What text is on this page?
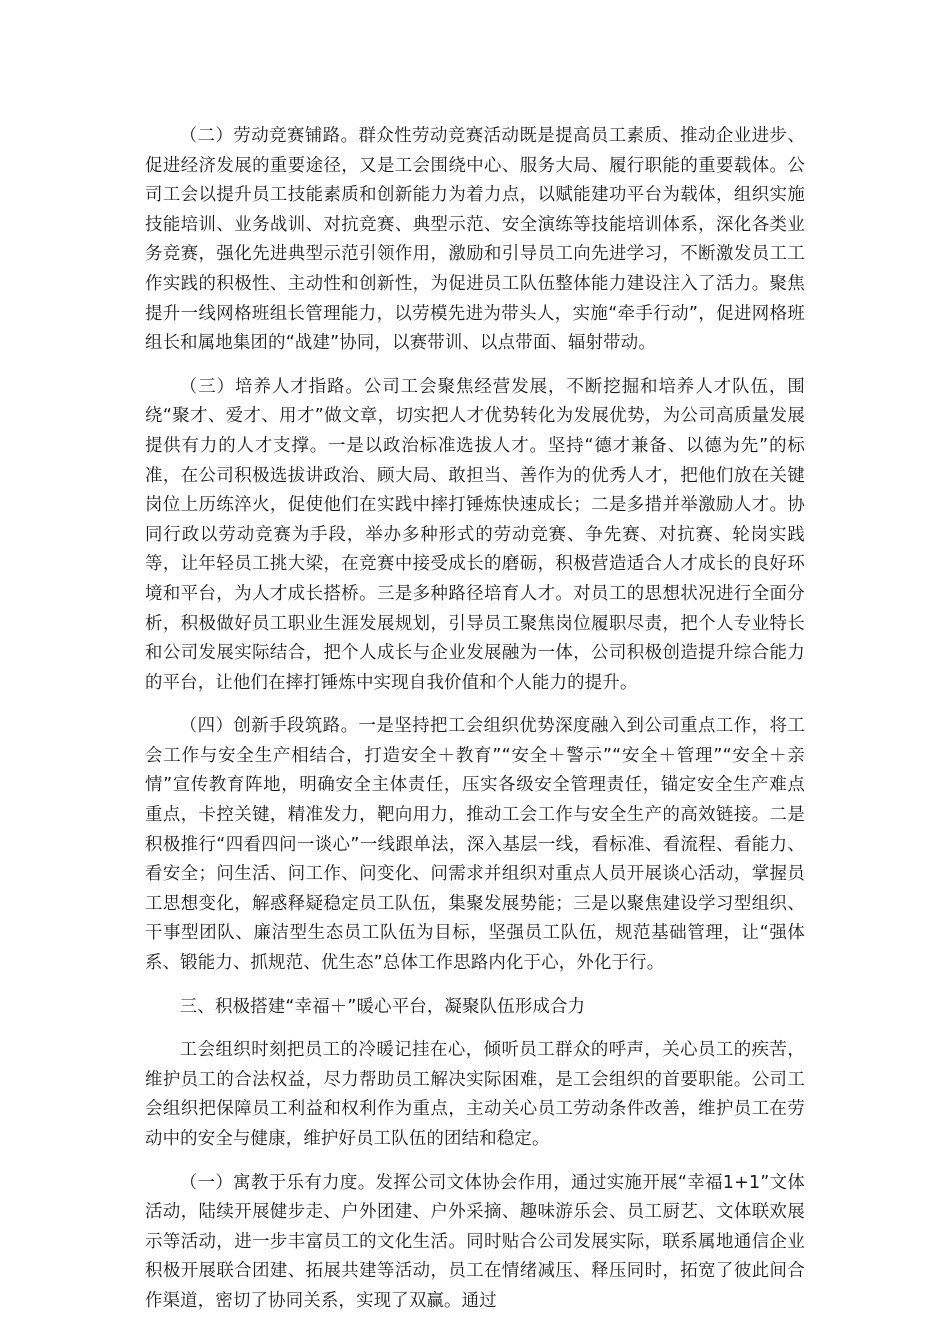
（二）劳动竞赛铺路。群众性劳动竞赛活动既是提高员工素质、推动企业进步、促进经济发展的重要途径，又是工会围绕中心、服务大局、履行职能的重要载体。公司工会以提升员工技能素质和创新能力为着力点，以赋能建功平台为载体，组织实施技能培训、业务战训、对抗竞赛、典型示范、安全演练等技能培训体系，深化各类业务竞赛，强化先进典型示范引领作用，激励和引导员工向先进学习，不断激发员工工作实践的积极性、主动性和创新性，为促进员工队伍整体能力建设注入了活力。聚焦提升一线网格班组长管理能力，以劳模先进为带头人，实施“牵手行动”，促进网格班组长和属地集团的“战建”协同，以赛带训、以点带面、辐射带动。

（三）培养人才指路。公司工会聚焦经营发展，不断挖掘和培养人才队伍，围绕“聚才、爱才、用才”做文章，切实把人才优势转化为发展优势，为公司高质量发展提供有力的人才支撑。一是以政治标准选拔人才。坚持“德才兼备、以德为先”的标准，在公司积极选拔讲政治、顾大局、敢担当、善作为的优秀人才，把他们放在关键岗位上历练淬火，促使他们在实践中摔打锤炼快速成长；二是多措并举激励人才。协同行政以劳动竞赛为手段，举办多种形式的劳动竞赛、争先赛、对抗赛、轮岗实践等，让年轻员工挑大梁，在竞赛中接受成长的磨砺，积极营造适合人才成长的良好环境和平台，为人才成长搭桥。三是多种路径培育人才。对员工的思想状况进行全面分析，积极做好员工职业生涯发展规划，引导员工聚焦岗位履职尽责，把个人专业特长和公司发展实际结合，把个人成长与企业发展融为一体，公司积极创造提升综合能力的平台，让他们在摔打锤炼中实现自我价值和个人能力的提升。

（四）创新手段筑路。一是坚持把工会组织优势深度融入到公司重点工作，将工会工作与安全生产相结合，打造安全＋教育”“安全＋警示”“安全＋管理”“安全＋亲情”宣传教育阵地，明确安全主体责任，压实各级安全管理责任，锚定安全生产难点重点，卡控关键，精准发力，靶向用力，推动工会工作与安全生产的高效链接。二是积极推行“四看四问一谈心”一线跟单法，深入基层一线，看标准、看流程、看能力、看安全；问生活、问工作、问变化、问需求并组织对重点人员开展谈心活动，掌握员工思想变化，解惑释疑稳定员工队伍，集聚发展势能；三是以聚焦建设学习型组织、干事型团队、廉洁型生态员工队伍为目标，坚强员工队伍，规范基础管理，让“强体系、锻能力、抓规范、优生态”总体工作思路内化于心，外化于行。

三、积极搭建“幸福＋”暖心平台，凝聚队伍形成合力

工会组织时刻把员工的冷暖记挂在心，倾听员工群众的呼声，关心员工的疾苦，维护员工的合法权益，尽力帮助员工解决实际困难，是工会组织的首要职能。公司工会组织把保障员工利益和权利作为重点，主动关心员工劳动条件改善，维护员工在劳动中的安全与健康，维护好员工队伍的团结和稳定。

（一）寓教于乐有力度。发挥公司文体协会作用，通过实施开展“幸福1+1”文体活动，陆续开展健步走、户外团建、户外采摘、趣味游乐会、员工厨艺、文体联欢展示等活动，进一步丰富员工的文化生活。同时贴合公司发展实际，联系属地通信企业积极开展联合团建、拓展共建等活动，员工在情绪减压、释压同时，拓宽了彼此间合作渠道，密切了协同关系，实现了双赢。通过
